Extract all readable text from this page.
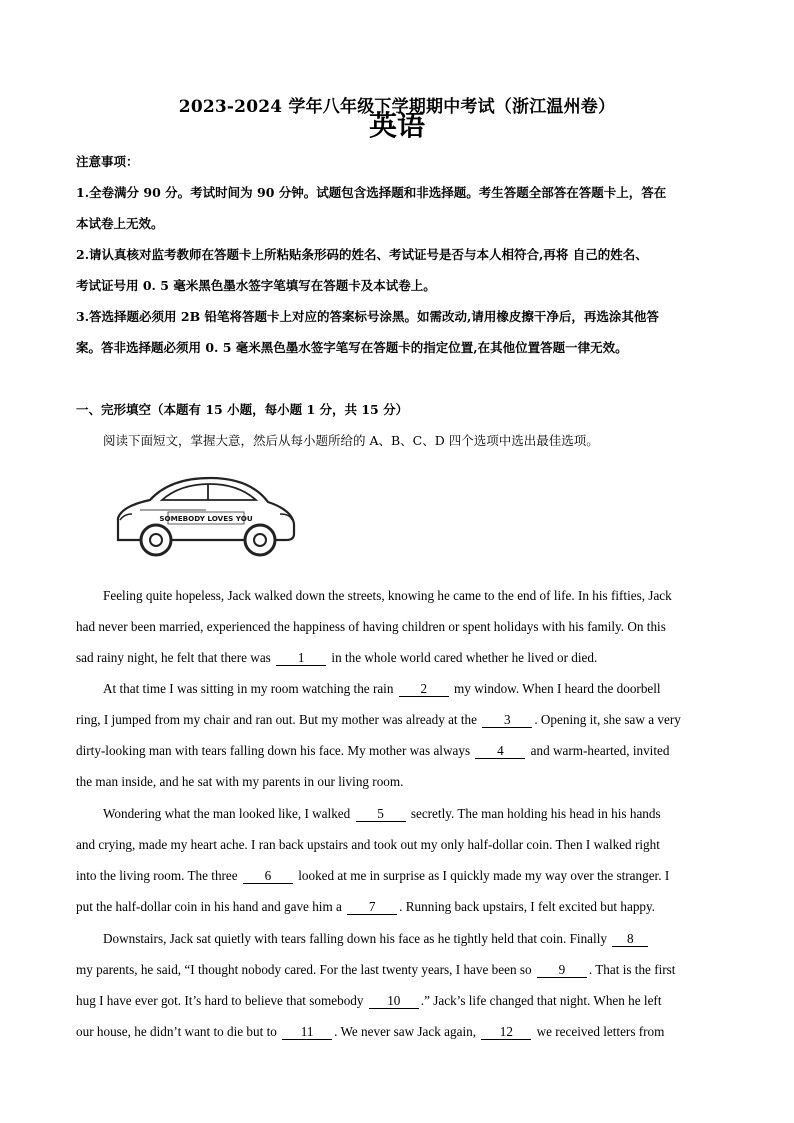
2023-2024 学年八年级下学期期中考试（浙江温州卷）
英语
注意事项：
1.全卷满分 90 分。考试时间为 90 分钟。试题包含选择题和非选择题。考生答题全部答在答题卡上，答在
本试卷上无效。
2.请认真核对监考教师在答题卡上所粘贴条形码的姓名、考试证号是否与本人相符合,再将 自己的姓名、
考试证号用 0. 5 毫米黑色墨水签字笔填写在答题卡及本试卷上。
3.答选择题必须用 2B 铅笔将答题卡上对应的答案标号涂黑。如需改动,请用橡皮擦干净后，再选涂其他答
案。答非选择题必须用 0. 5 毫米黑色墨水签字笔写在答题卡的指定位置,在其他位置答题一律无效。
一、完形填空（本题有 15 小题，每小题 1 分，共 15 分）
阅读下面短文，掌握大意，然后从每小题所给的 A、B、C、D 四个选项中选出最佳选项。
SOMEBODY LOVES YOU
Feeling quite hopeless, Jack walked down the streets, knowing he came to the end of life. In his fifties, Jack
had never been married, experienced the happiness of having children or spent holidays with his family. On this
sad rainy night, he felt that there was 1 in the whole world cared whether he lived or died.
At that time I was sitting in my room watching the rain 2 my window. When I heard the doorbell
ring, I jumped from my chair and ran out. But my mother was already at the 3 . Opening it, she saw a very
dirty-looking man with tears falling down his face. My mother was always 4 and warm-hearted, invited
the man inside, and he sat with my parents in our living room.
Wondering what the man looked like, I walked 5 secretly. The man holding his head in his hands
and crying, made my heart ache. I ran back upstairs and took out my only half-dollar coin. Then I walked right
into the living room. The three 6 looked at me in surprise as I quickly made my way over the stranger. I
put the half-dollar coin in his hand and gave him a 7 . Running back upstairs, I felt excited but happy.
Downstairs, Jack sat quietly with tears falling down his face as he tightly held that coin. Finally 8
my parents, he said, “I thought nobody cared. For the last twenty years, I have been so 9 . That is the first
hug I have ever got. It’s hard to believe that somebody 10 .” Jack’s life changed that night. When he left
our house, he didn’t want to die but to 11 . We never saw Jack again, 12 we received letters from
